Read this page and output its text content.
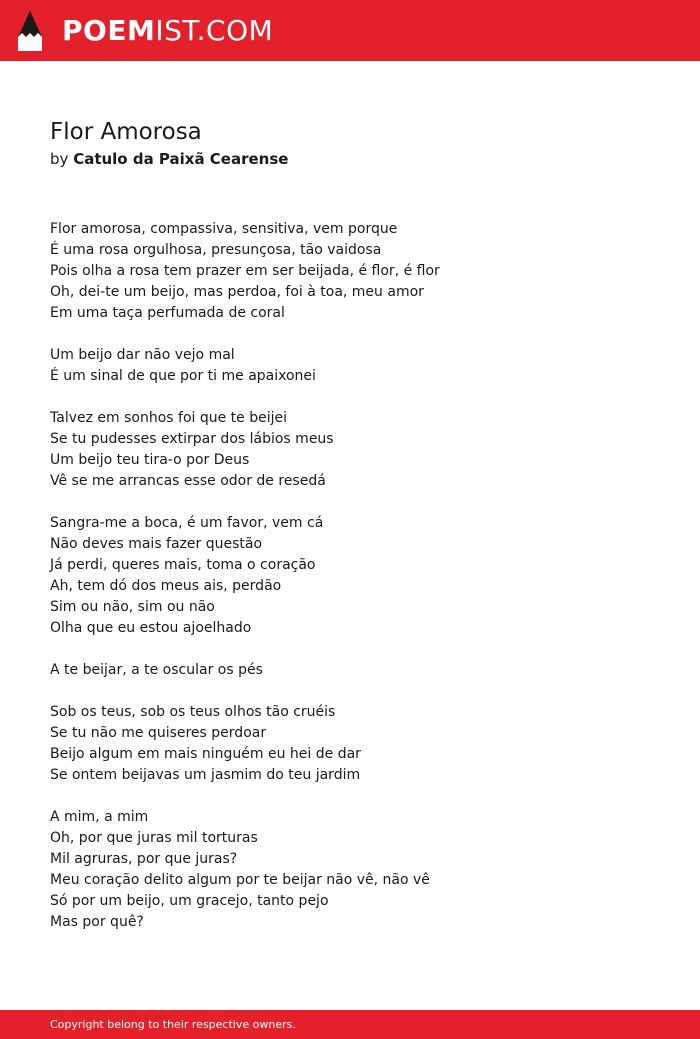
POEMIST.COM
Flor Amorosa
by Catulo da Paixã Cearense
Flor amorosa, compassiva, sensitiva, vem porque
É uma rosa orgulhosa, presunçosa, tão vaidosa
Pois olha a rosa tem prazer em ser beijada, é flor, é flor
Oh, dei-te um beijo, mas perdoa, foi à toa, meu amor
Em uma taça perfumada de coral
Um beijo dar não vejo mal
É um sinal de que por ti me apaixonei
Talvez em sonhos foi que te beijei
Se tu pudesses extirpar dos lábios meus
Um beijo teu tira-o por Deus
Vê se me arrancas esse odor de resedá
Sangra-me a boca, é um favor, vem cá
Não deves mais fazer questão
Já perdi, queres mais, toma o coração
Ah, tem dó dos meus ais, perdão
Sim ou não, sim ou não
Olha que eu estou ajoelhado
A te beijar, a te oscular os pés
Sob os teus, sob os teus olhos tão cruéis
Se tu não me quiseres perdoar
Beijo algum em mais ninguém eu hei de dar
Se ontem beijavas um jasmim do teu jardim
A mim, a mim
Oh, por que juras mil torturas
Mil agruras, por que juras?
Meu coração delito algum por te beijar não vê, não vê
Só por um beijo, um gracejo, tanto pejo
Mas por quê?
Copyright belong to their respective owners.
